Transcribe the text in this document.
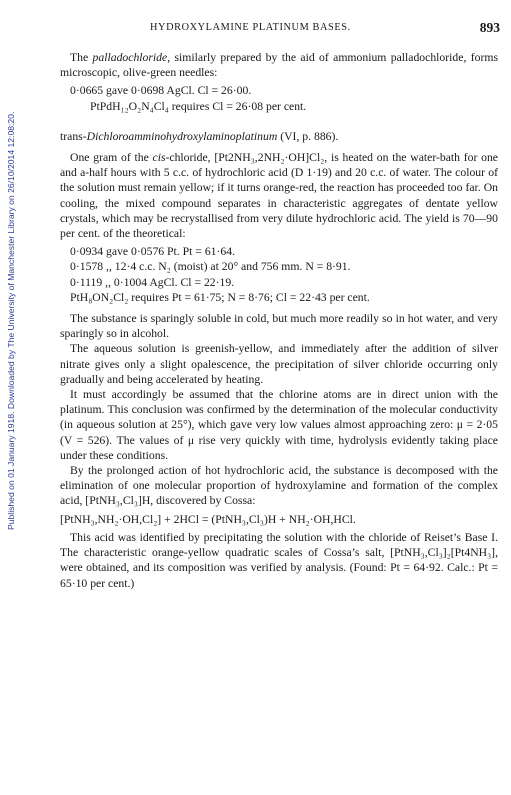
Published on 01 January 1918. Downloaded by The University of Manchester Library on 26/10/2014 12:08:20.
HYDROXYLAMINE PLATINUM BASES.	893

The palladochloride, similarly prepared by the aid of ammonium palladochloride, forms microscopic, olive-green needles:

0·0665 gave 0·0698 AgCl. Cl = 26·00.

PtPdH₁₂O₂N₄Cl₄ requires Cl = 26·08 per cent.

trans-Dichloroamminohydroxylaminoplatinum (VI, p. 886).

One gram of the cis-chloride, [Pt2NH₃,2NH₂·OH]Cl₂, is heated on the water-bath for one and a-half hours with 5 c.c. of hydrochloric acid (D 1·19) and 20 c.c. of water. The colour of the solution must remain yellow; if it turns orange-red, the reaction has proceeded too far. On cooling, the mixed compound separates in characteristic aggregates of dentate yellow crystals, which may be recrystallised from very dilute hydrochloric acid. The yield is 70—90 per cent. of the theoretical:

0·0934 gave 0·0576 Pt. Pt = 61·64.

0·1578 ,, 12·4 c.c. N₂ (moist) at 20° and 756 mm. N = 8·91.

0·1119 ,, 0·1004 AgCl. Cl = 22·19.

PtH₈ON₂Cl₂ requires Pt = 61·75; N = 8·76; Cl = 22·43 per cent.

The substance is sparingly soluble in cold, but much more readily so in hot water, and very sparingly so in alcohol.

The aqueous solution is greenish-yellow, and immediately after the addition of silver nitrate gives only a slight opalescence, the precipitation of silver chloride occurring only gradually and being accelerated by heating.

It must accordingly be assumed that the chlorine atoms are in direct union with the platinum. This conclusion was confirmed by the determination of the molecular conductivity (in aqueous solution at 25°), which gave very low values almost approaching zero: μ = 2·05 (V = 526). The values of μ rise very quickly with time, hydrolysis evidently taking place under these conditions.

By the prolonged action of hot hydrochloric acid, the substance is decomposed with the elimination of one molecular proportion of hydroxylamine and formation of the complex acid, [PtNH₃,Cl₃]H, discovered by Cossa:

[PtNH₃,NH₂·OH,Cl₂] + 2HCl = (PtNH₃,Cl₃)H + NH₂·OH,HCl.

This acid was identified by precipitating the solution with the chloride of Reiset’s Base I. The characteristic orange-yellow quadratic scales of Cossa’s salt, [PtNH₃,Cl₃]₂[Pt4NH₃], were obtained, and its composition was verified by analysis. (Found: Pt = 64·92. Calc.: Pt = 65·10 per cent.)
